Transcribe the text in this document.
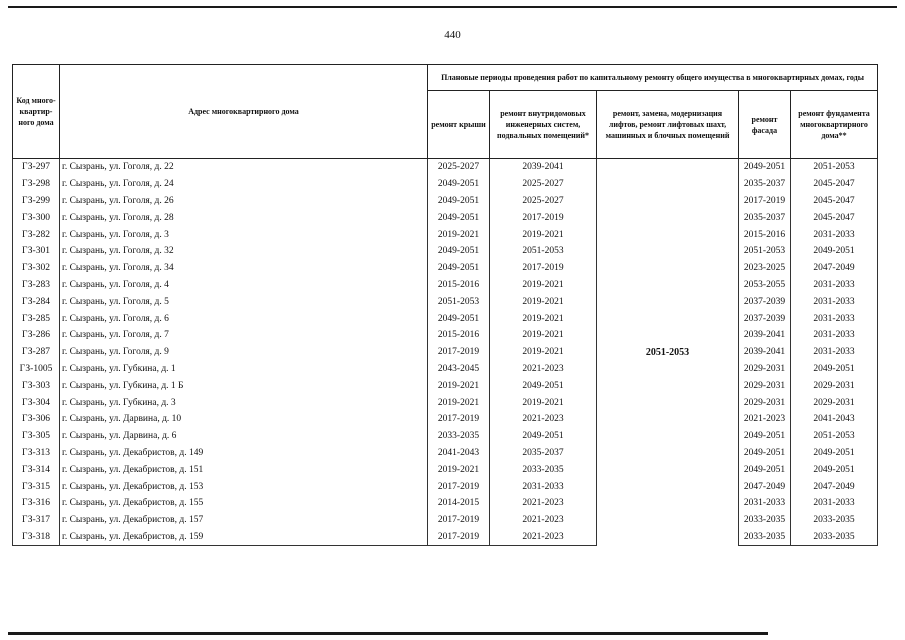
440
Код много-квартир-ного дома	Адрес многоквартирного дома	Плановые периоды проведения работ по капитальному ремонту общего имущества в многоквартирных домах, годы				
		ремонт крыши	ремонт внутридомовых инженерных систем, подвальных помещений*	ремонт, замена, модернизация лифтов, ремонт лифтовых шахт, машинных и блочных помещений	ремонт фасада	ремонт фундамента многоквартирного дома**
ГЗ-297	г. Сызрань, ул. Гоголя, д. 22	2025-2027	2039-2041	2051-2053	2049-2051	2051-2053
ГЗ-298	г. Сызрань, ул. Гоголя, д. 24	2049-2051	2025-2027		2035-2037	2045-2047
ГЗ-299	г. Сызрань, ул. Гоголя, д. 26	2049-2051	2025-2027		2017-2019	2045-2047
ГЗ-300	г. Сызрань, ул. Гоголя, д. 28	2049-2051	2017-2019		2035-2037	2045-2047
ГЗ-282	г. Сызрань, ул. Гоголя, д. 3	2019-2021	2019-2021		2015-2016	2031-2033
ГЗ-301	г. Сызрань, ул. Гоголя, д. 32	2049-2051	2051-2053		2051-2053	2049-2051
ГЗ-302	г. Сызрань, ул. Гоголя, д. 34	2049-2051	2017-2019		2023-2025	2047-2049
ГЗ-283	г. Сызрань, ул. Гоголя, д. 4	2015-2016	2019-2021		2053-2055	2031-2033
ГЗ-284	г. Сызрань, ул. Гоголя, д. 5	2051-2053	2019-2021		2037-2039	2031-2033
ГЗ-285	г. Сызрань, ул. Гоголя, д. 6	2049-2051	2019-2021		2037-2039	2031-2033
ГЗ-286	г. Сызрань, ул. Гоголя, д. 7	2015-2016	2019-2021		2039-2041	2031-2033
ГЗ-287	г. Сызрань, ул. Гоголя, д. 9	2017-2019	2019-2021		2039-2041	2031-2033
ГЗ-1005	г. Сызрань, ул. Губкина, д. 1	2043-2045	2021-2023		2029-2031	2049-2051
ГЗ-303	г. Сызрань, ул. Губкина, д. 1 Б	2019-2021	2049-2051		2029-2031	2029-2031
ГЗ-304	г. Сызрань, ул. Губкина, д. 3	2019-2021	2019-2021		2029-2031	2029-2031
ГЗ-306	г. Сызрань, ул. Дарвина, д. 10	2017-2019	2021-2023		2021-2023	2041-2043
ГЗ-305	г. Сызрань, ул. Дарвина, д. 6	2033-2035	2049-2051		2049-2051	2051-2053
ГЗ-313	г. Сызрань, ул. Декабристов, д. 149	2041-2043	2035-2037		2049-2051	2049-2051
ГЗ-314	г. Сызрань, ул. Декабристов, д. 151	2019-2021	2033-2035		2049-2051	2049-2051
ГЗ-315	г. Сызрань, ул. Декабристов, д. 153	2017-2019	2031-2033		2047-2049	2047-2049
ГЗ-316	г. Сызрань, ул. Декабристов, д. 155	2014-2015	2021-2023		2031-2033	2031-2033
ГЗ-317	г. Сызрань, ул. Декабристов, д. 157	2017-2019	2021-2023		2033-2035	2033-2035
ГЗ-318	г. Сызрань, ул. Декабристов, д. 159	2017-2019	2021-2023		2033-2035	2033-2035
